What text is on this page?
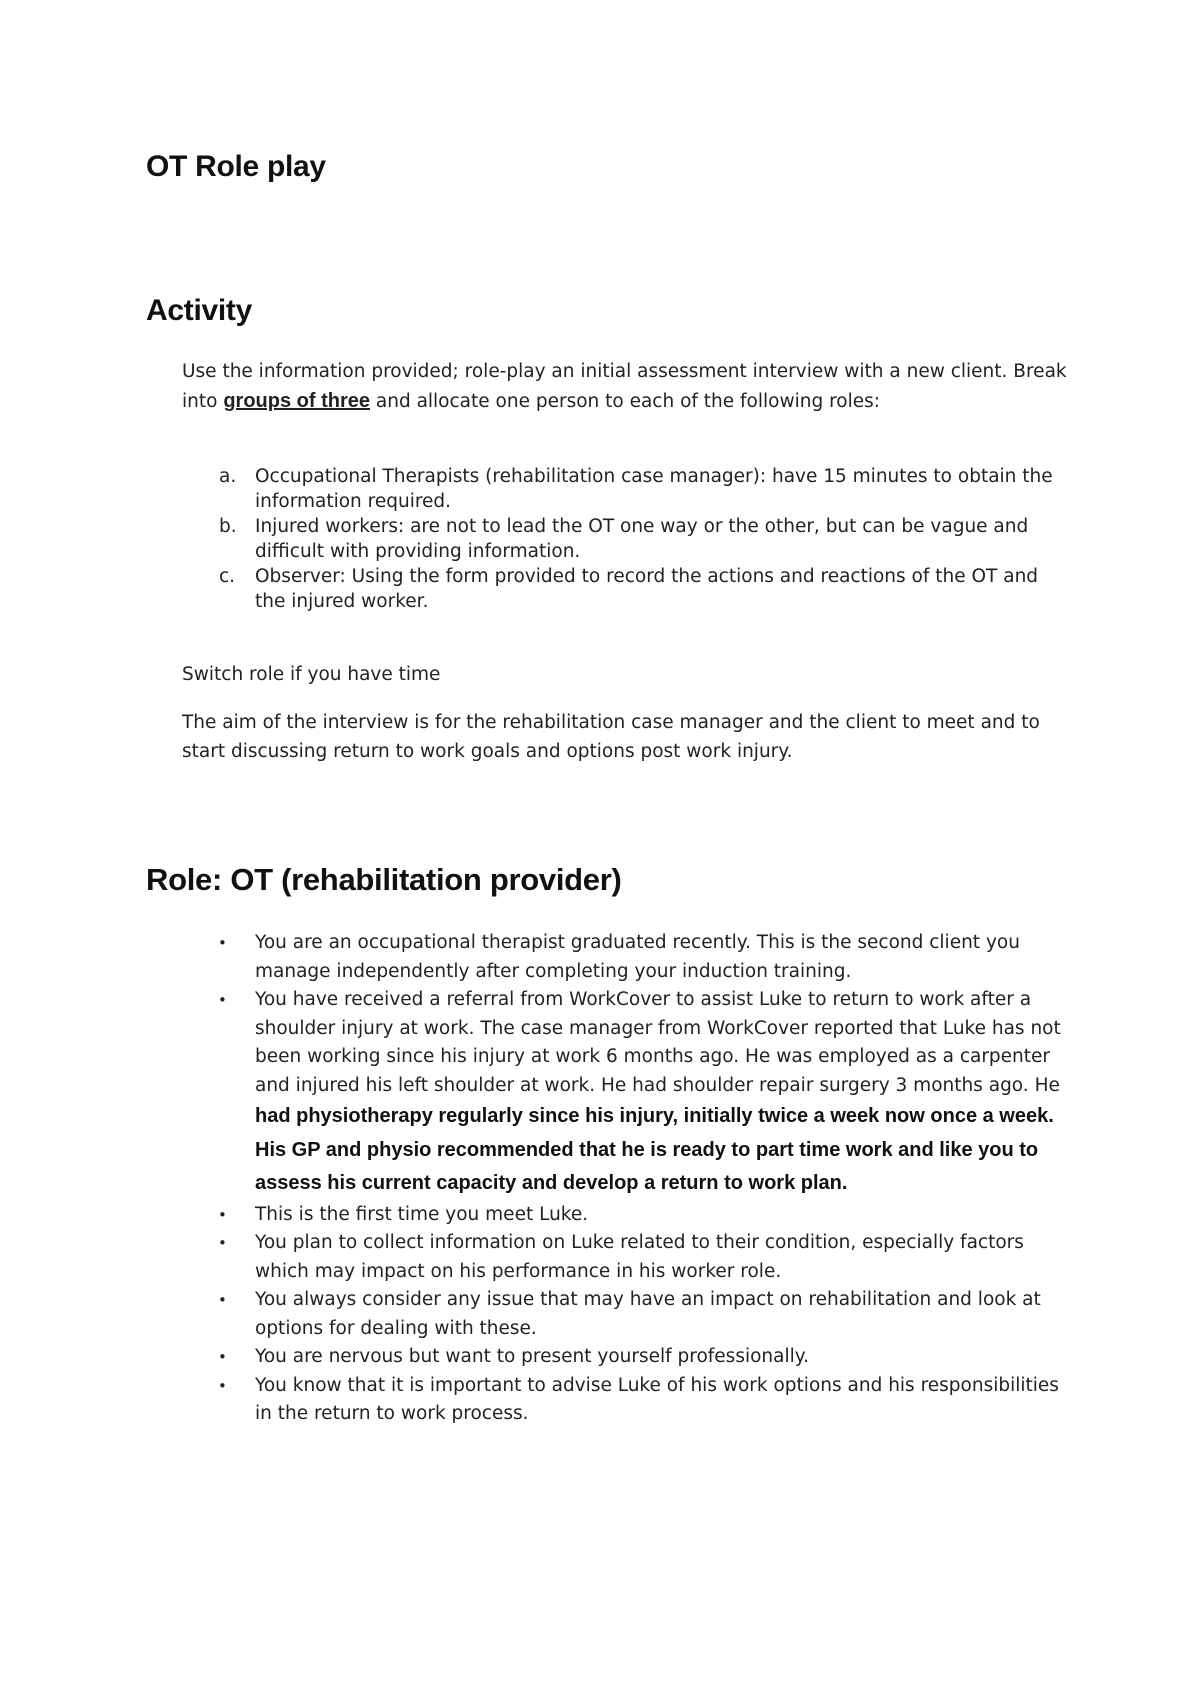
OT Role play
Activity

Use the information provided; role-play an initial assessment interview with a new client. Break into groups of three and allocate one person to each of the following roles:

a. Occupational Therapists (rehabilitation case manager): have 15 minutes to obtain the information required.
b. Injured workers: are not to lead the OT one way or the other, but can be vague and difficult with providing information.
c. Observer: Using the form provided to record the actions and reactions of the OT and the injured worker.

Switch role if you have time

The aim of the interview is for the rehabilitation case manager and the client to meet and to start discussing return to work goals and options post work injury.

Role: OT (rehabilitation provider)
• You are an occupational therapist graduated recently. This is the second client you manage independently after completing your induction training.
• You have received a referral from WorkCover to assist Luke to return to work after a shoulder injury at work. The case manager from WorkCover reported that Luke has not been working since his injury at work 6 months ago. He was employed as a carpenter and injured his left shoulder at work. He had shoulder repair surgery 3 months ago. He had physiotherapy regularly since his injury, initially twice a week now once a week. His GP and physio recommended that he is ready to part time work and like you to assess his current capacity and develop a return to work plan.
• This is the first time you meet Luke.
• You plan to collect information on Luke related to their condition, especially factors which may impact on his performance in his worker role.
• You always consider any issue that may have an impact on rehabilitation and look at options for dealing with these.
• You are nervous but want to present yourself professionally.
• You know that it is important to advise Luke of his work options and his responsibilities in the return to work process.
